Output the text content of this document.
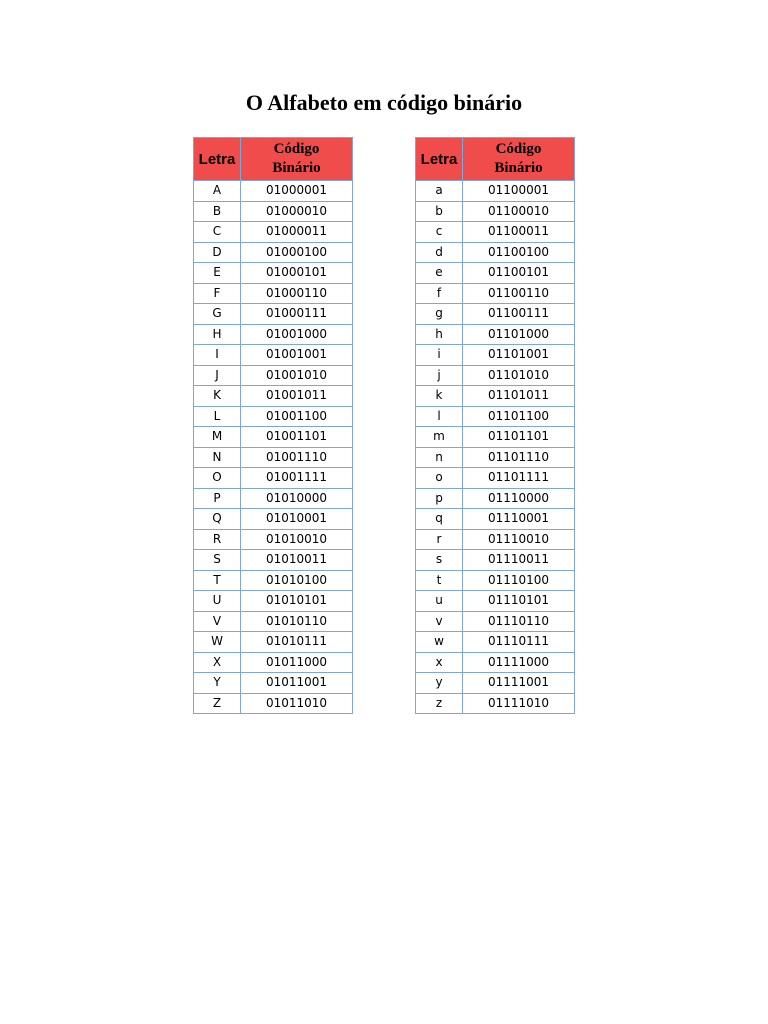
O Alfabeto em código binário
Letra	Código
Binário

A	01000001
B	01000010
C	01000011
D	01000100
E	01000101
F	01000110
G	01000111
H	01001000
I	01001001
J	01001010
K	01001011
L	01001100
M	01001101
N	01001110
O	01001111
P	01010000
Q	01010001
R	01010010
S	01010011
T	01010100
U	01010101
V	01010110
W	01010111
X	01011000
Y	01011001
Z	01011010
Letra	Código
Binário

a	01100001
b	01100010
c	01100011
d	01100100
e	01100101
f	01100110
g	01100111
h	01101000
i	01101001
j	01101010
k	01101011
l	01101100
m	01101101
n	01101110
o	01101111
p	01110000
q	01110001
r	01110010
s	01110011
t	01110100
u	01110101
v	01110110
w	01110111
x	01111000
y	01111001
z	01111010
